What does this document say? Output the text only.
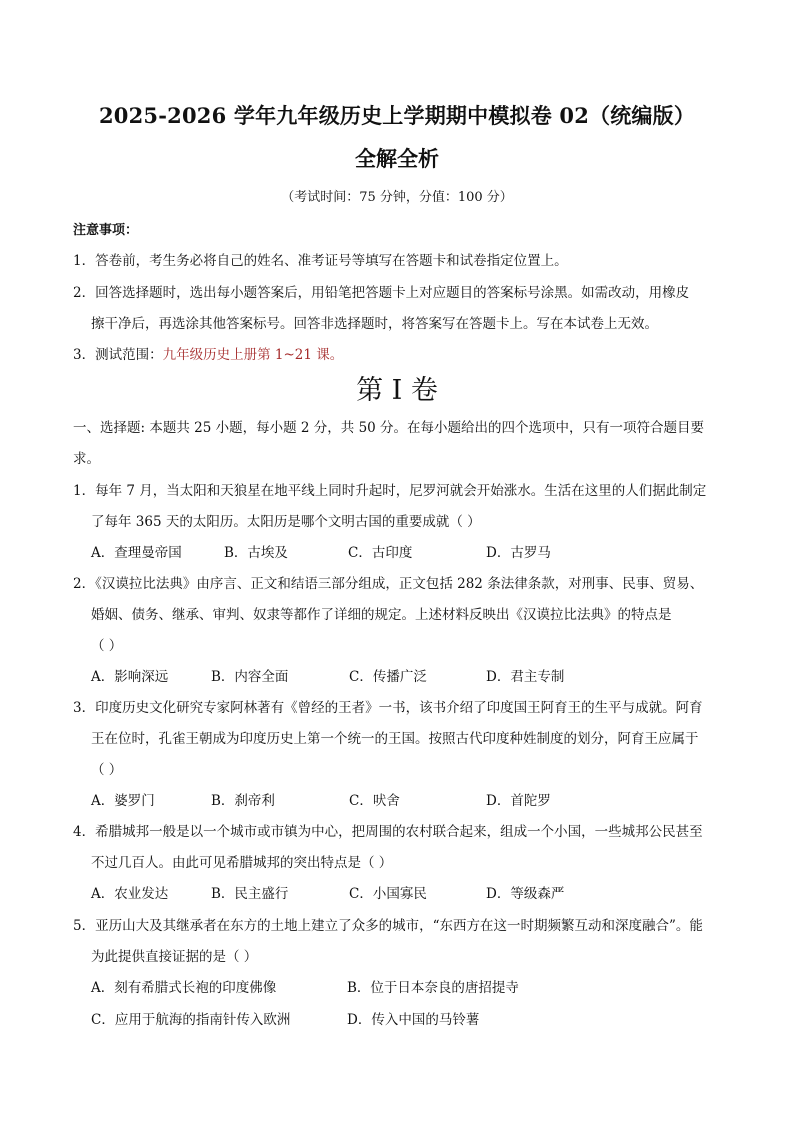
2025-2026 学年九年级历史上学期期中模拟卷 02（统编版）
全解全析
（考试时间：75 分钟，分值：100 分）
注意事项：
1．答卷前，考生务必将自己的姓名、准考证号等填写在答题卡和试卷指定位置上。
2．回答选择题时，选出每小题答案后，用铅笔把答题卡上对应题目的答案标号涂黑。如需改动，用橡皮
擦干净后，再选涂其他答案标号。回答非选择题时，将答案写在答题卡上。写在本试卷上无效。
3．测试范围：九年级历史上册第 1~21 课。
第 I 卷
一、选择题: 本题共 25 小题，每小题 2 分，共 50 分。在每小题给出的四个选项中，只有一项符合题目要
求。
1．每年 7 月，当太阳和天狼星在地平线上同时升起时，尼罗河就会开始涨水。生活在这里的人们据此制定
了每年 365 天的太阳历。太阳历是哪个文明古国的重要成就（ ）
A．查理曼帝国	B．古埃及	C．古印度	D．古罗马
2．《汉谟拉比法典》由序言、正文和结语三部分组成，正文包括 282 条法律条款，对刑事、民事、贸易、
婚姻、债务、继承、审判、奴隶等都作了详细的规定。上述材料反映出《汉谟拉比法典》的特点是
（ ）
A．影响深远	B．内容全面	C．传播广泛	D．君主专制
3．印度历史文化研究专家阿林著有《曾经的王者》一书，该书介绍了印度国王阿育王的生平与成就。阿育
王在位时，孔雀王朝成为印度历史上第一个统一的王国。按照古代印度种姓制度的划分，阿育王应属于
（ ）
A．婆罗门	B．刹帝利	C．吠舍	D．首陀罗
4．希腊城邦一般是以一个城市或市镇为中心，把周围的农村联合起来，组成一个小国，一些城邦公民甚至
不过几百人。由此可见希腊城邦的突出特点是（ ）
A．农业发达	B．民主盛行	C．小国寡民	D．等级森严
5．亚历山大及其继承者在东方的土地上建立了众多的城市，“东西方在这一时期频繁互动和深度融合”。能
为此提供直接证据的是（ ）
A．刻有希腊式长袍的印度佛像	B．位于日本奈良的唐招提寺
C．应用于航海的指南针传入欧洲	D．传入中国的马铃薯
